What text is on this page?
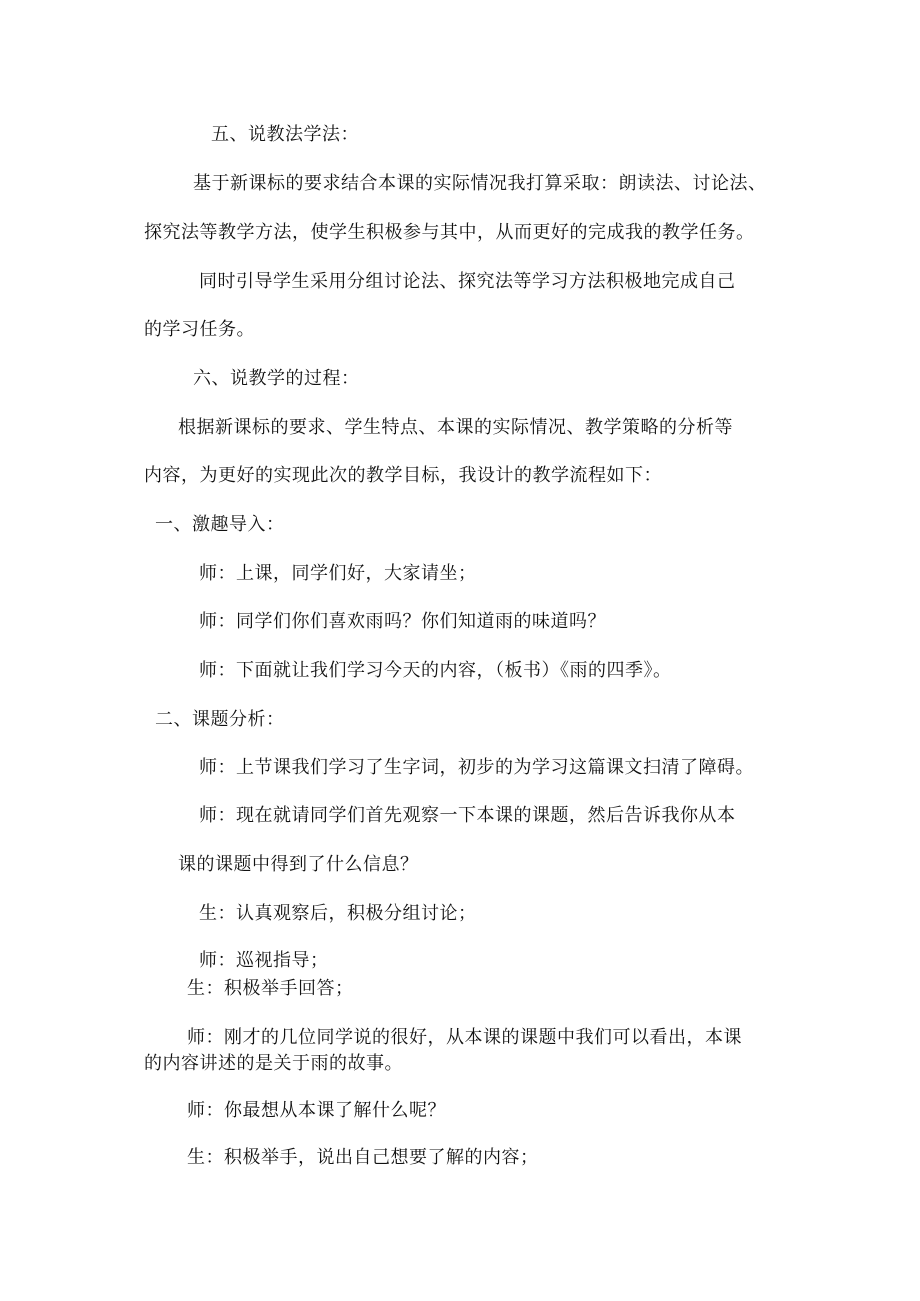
五、说教法学法：
基于新课标的要求结合本课的实际情况我打算采取：朗读法、讨论法、
探究法等教学方法，使学生积极参与其中，从而更好的完成我的教学任务。
同时引导学生采用分组讨论法、探究法等学习方法积极地完成自己
的学习任务。
六、说教学的过程：
根据新课标的要求、学生特点、本课的实际情况、教学策略的分析等
内容，为更好的实现此次的教学目标，我设计的教学流程如下：
一、激趣导入：
师：上课，同学们好，大家请坐；
师：同学们你们喜欢雨吗？你们知道雨的味道吗？
师：下面就让我们学习今天的内容，（板书）《雨的四季》。
二、课题分析：
师：上节课我们学习了生字词，初步的为学习这篇课文扫清了障碍。
师：现在就请同学们首先观察一下本课的课题，然后告诉我你从本
课的课题中得到了什么信息？
生：认真观察后，积极分组讨论；
师：巡视指导；
生：积极举手回答；
师：刚才的几位同学说的很好，从本课的课题中我们可以看出，本课
的内容讲述的是关于雨的故事。
师：你最想从本课了解什么呢？
生：积极举手，说出自己想要了解的内容；
